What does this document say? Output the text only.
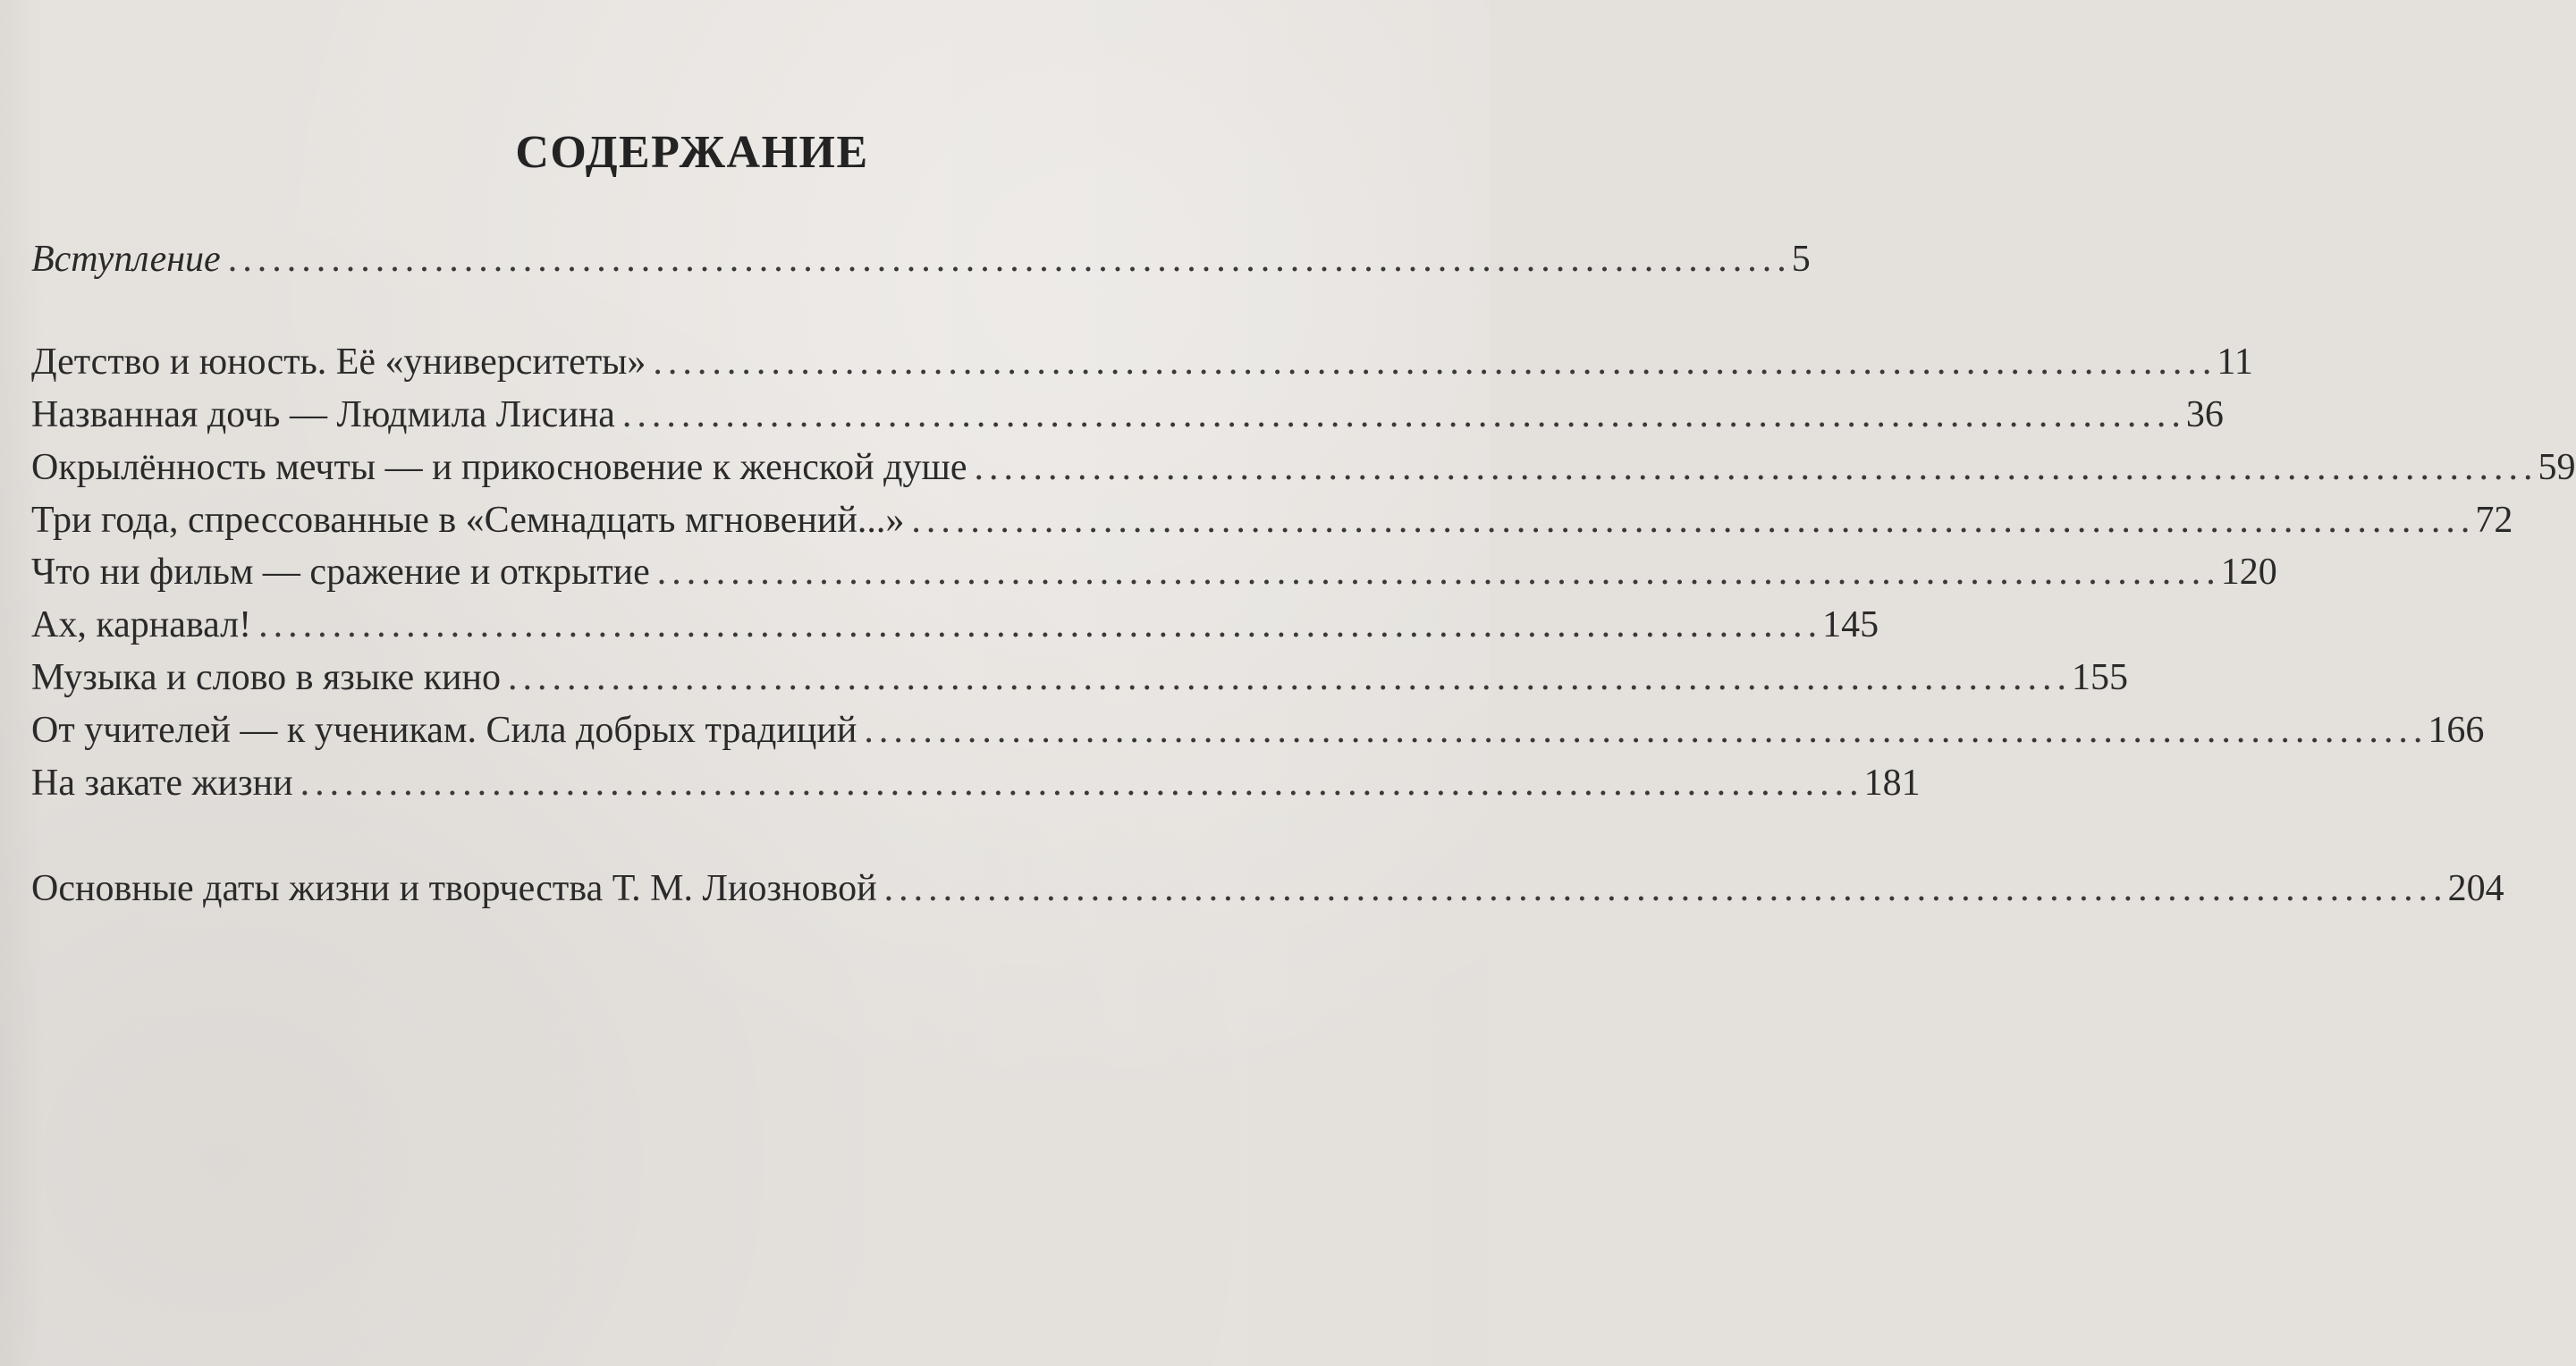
СОДЕРЖАНИЕ
Вступление .......................................................................................................... 5
Детство и юность. Её «университеты» .......................................................................................................... 11
Названная дочь — Людмила Лисина .......................................................................................................... 36
Окрылённость мечты — и прикосновение к женской душе .......................................................................................................... 59
Три года, спрессованные в «Семнадцать мгновений...» .......................................................................................................... 72
Что ни фильм — сражение и открытие .......................................................................................................... 120
Ах, карнавал! .......................................................................................................... 145
Музыка и слово в языке кино .......................................................................................................... 155
От учителей — к ученикам. Сила добрых традиций .......................................................................................................... 166
На закате жизни .......................................................................................................... 181
Основные даты жизни и творчества Т. М. Лиозновой .......................................................................................................... 204
